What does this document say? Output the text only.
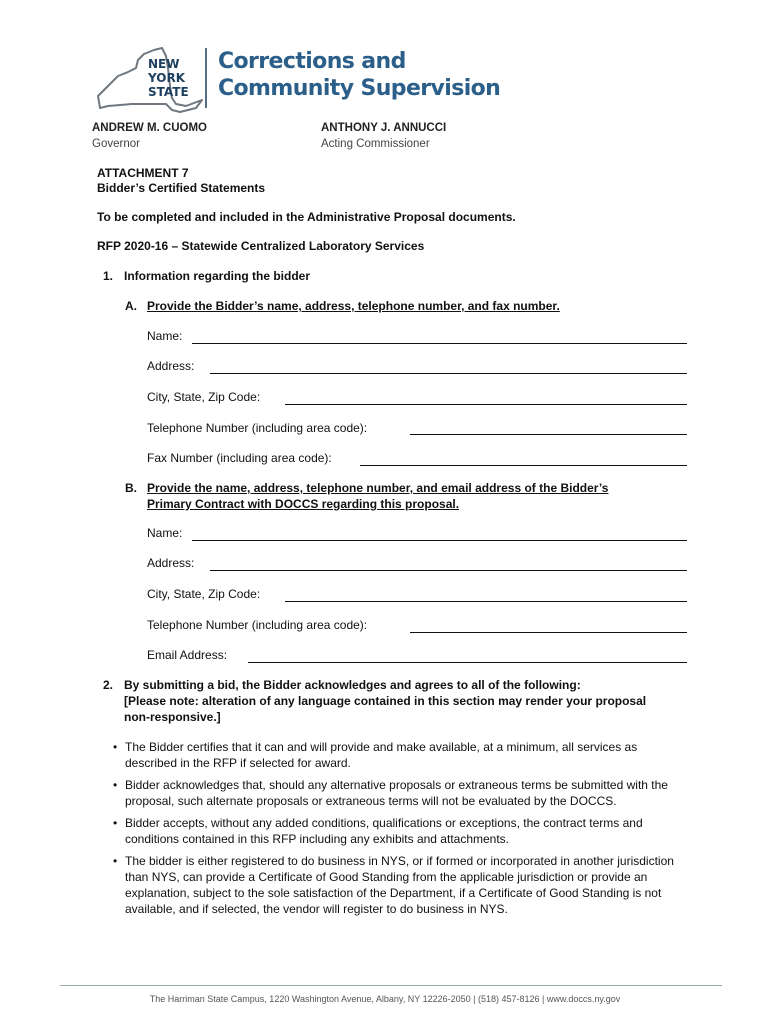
NEW
YORK
STATE
Corrections and
Community Supervision
ANDREW M. CUOMO
Governor
ANTHONY J. ANNUCCI
Acting Commissioner
ATTACHMENT 7
Bidder’s Certified Statements
To be completed and included in the Administrative Proposal documents.
RFP 2020-16 – Statewide Centralized Laboratory Services
1. Information regarding the bidder
A. Provide the Bidder’s name, address, telephone number, and fax number.
Name:
Address:
City, State, Zip Code:
Telephone Number (including area code):
Fax Number (including area code):
B. Provide the name, address, telephone number, and email address of the Bidder’s
Primary Contract with DOCCS regarding this proposal.
Name:
Address:
City, State, Zip Code:
Telephone Number (including area code):
Email Address:
2. By submitting a bid, the Bidder acknowledges and agrees to all of the following:
[Please note: alteration of any language contained in this section may render your proposal
non-responsive.]
• The Bidder certifies that it can and will provide and make available, at a minimum, all services as described in the RFP if selected for award.
• Bidder acknowledges that, should any alternative proposals or extraneous terms be submitted with the proposal, such alternate proposals or extraneous terms will not be evaluated by the DOCCS.
• Bidder accepts, without any added conditions, qualifications or exceptions, the contract terms and conditions contained in this RFP including any exhibits and attachments.
• The bidder is either registered to do business in NYS, or if formed or incorporated in another jurisdiction than NYS, can provide a Certificate of Good Standing from the applicable jurisdiction or provide an explanation, subject to the sole satisfaction of the Department, if a Certificate of Good Standing is not available, and if selected, the vendor will register to do business in NYS.
The Harriman State Campus, 1220 Washington Avenue, Albany, NY 12226-2050 | (518) 457-8126 | www.doccs.ny.gov
